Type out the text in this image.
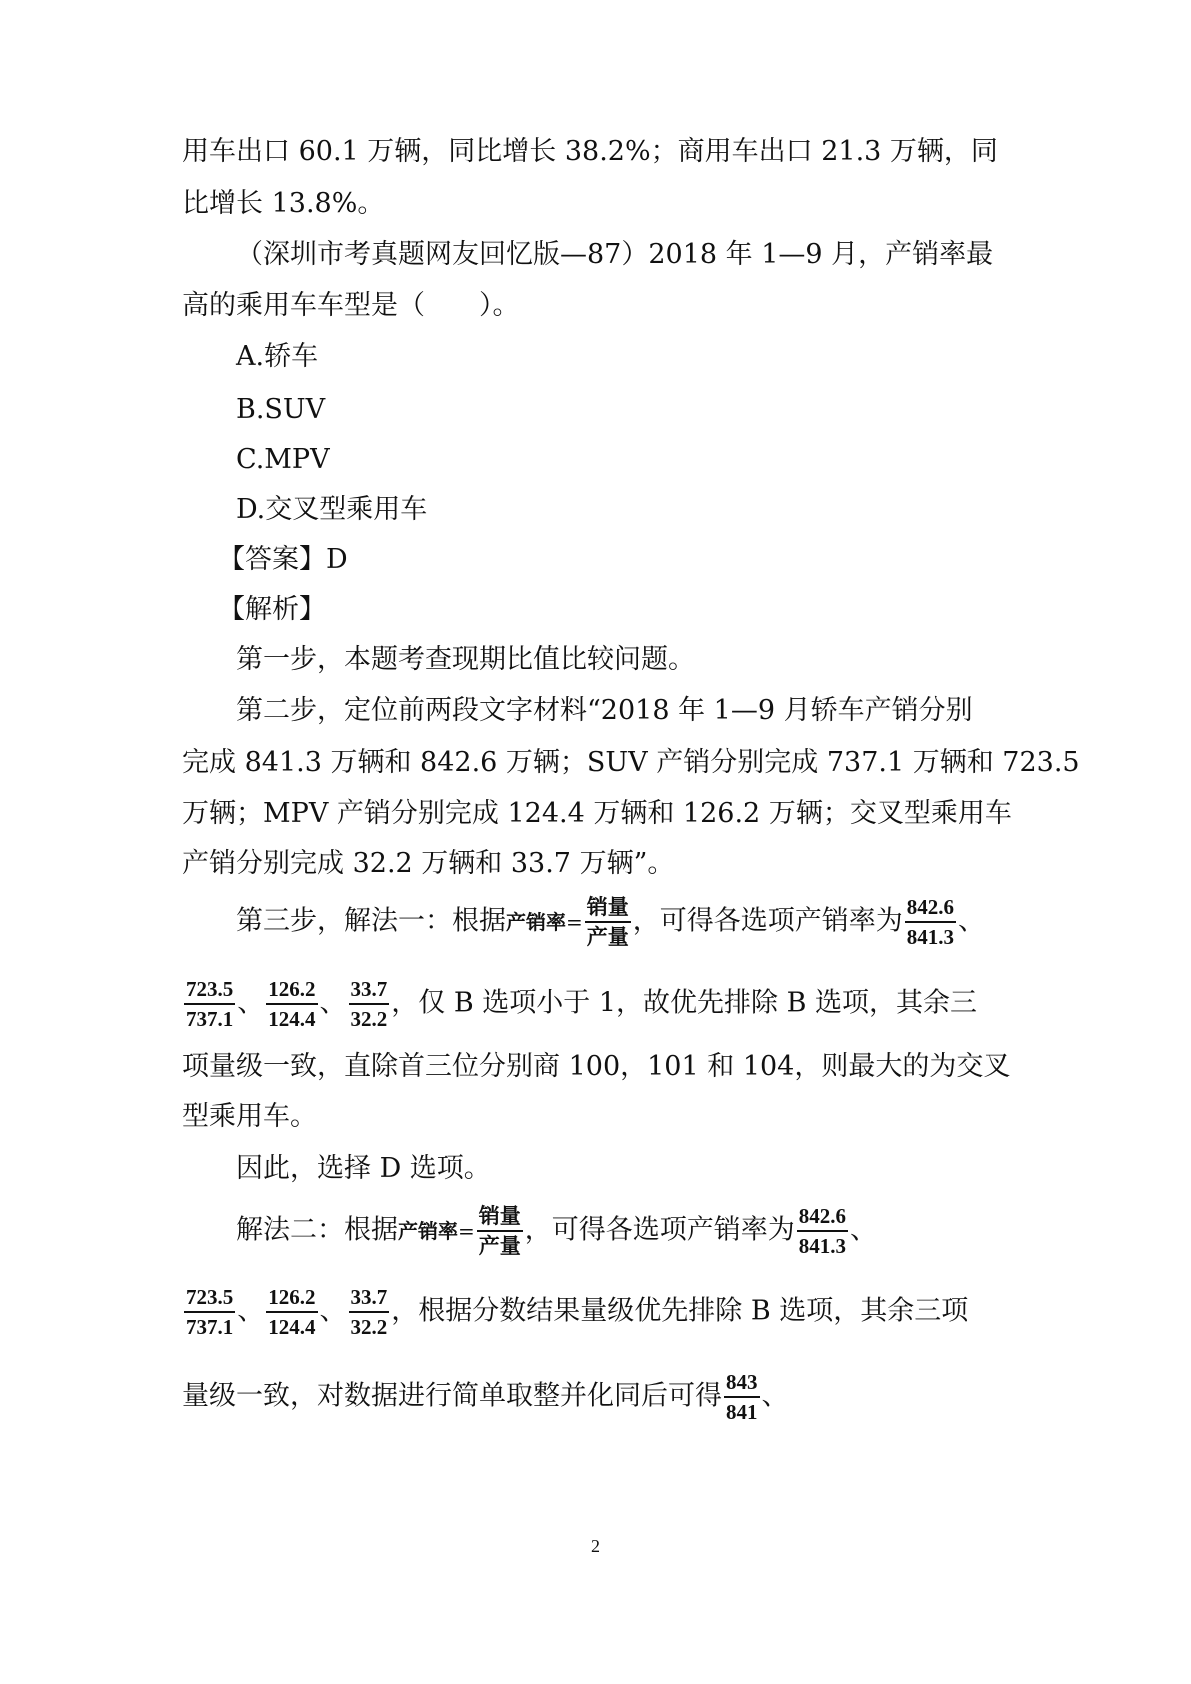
用车出口 60.1 万辆，同比增长 38.2%；商用车出口 21.3 万辆，同
比增长 13.8%。
（深圳市考真题网友回忆版—87）2018 年 1—9 月，产销率最
高的乘用车车型是（　　）。
A.轿车
B.SUV
C.MPV
D.交叉型乘用车
【答案】D
【解析】
第一步，本题考查现期比值比较问题。
第二步，定位前两段文字材料“2018 年 1—9 月轿车产销分别
完成 841.3 万辆和 842.6 万辆；SUV 产销分别完成 737.1 万辆和 723.5
万辆；MPV 产销分别完成 124.4 万辆和 126.2 万辆；交叉型乘用车
产销分别完成 32.2 万辆和 33.7 万辆”。
第三步，解法一：根据产销率= $\frac{\text{销量}}{\text{产量}}$ ，可得各选项产销率为 $\frac{842.6}{841.3}$ 、
$\frac{723.5}{737.1}$ 、 $\frac{126.2}{124.4}$ 、 $\frac{33.7}{32.2}$ ，仅 B 选项小于 1，故优先排除 B 选项，其余三
项量级一致，直除首三位分别商 100，101 和 104，则最大的为交叉
型乘用车。
因此，选择 D 选项。
解法二：根据产销率= $\frac{\text{销量}}{\text{产量}}$ ，可得各选项产销率为 $\frac{842.6}{841.3}$ 、
$\frac{723.5}{737.1}$ 、 $\frac{126.2}{124.4}$ 、 $\frac{33.7}{32.2}$ ，根据分数结果量级优先排除 B 选项，其余三项
量级一致，对数据进行简单取整并化同后可得 $\frac{843}{841}$ 、
2
